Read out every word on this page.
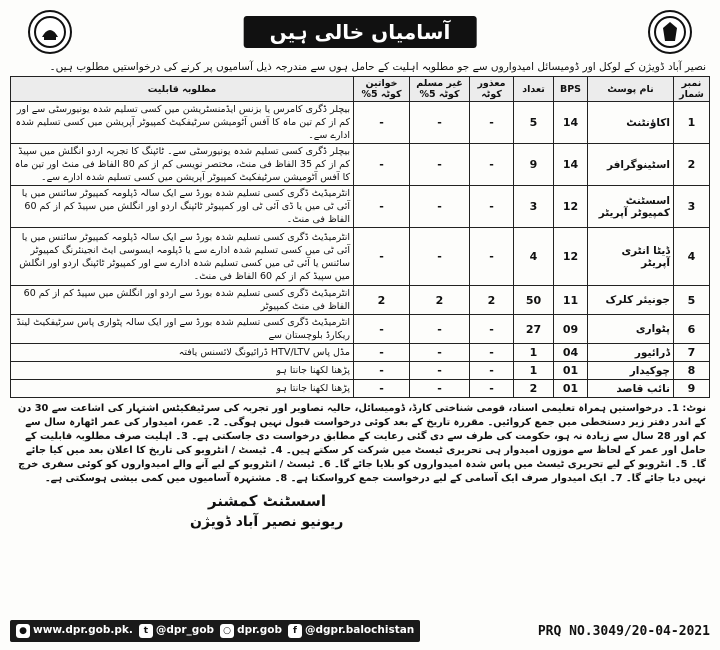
آسامیاں خالی ہیں
نصیر آباد ڈویژن کے لوکل اور ڈومیسائل امیدواروں سے جو مطلوبہ اہلیت کے حامل ہوں سے مندرجہ ذیل آسامیوں پر کرنے کی درخواستیں مطلوب ہیں۔
نمبر شمار	نام پوسٹ	BPS	تعداد	معذور کوٹہ	غیر مسلم کوٹہ 5%	خواتین کوٹہ 5%	مطلوبہ قابلیت
1	اکاؤنٹنٹ	14	5	-	-	-	بیچلر ڈگری کامرس یا بزنس ایڈمنسٹریشن میں کسی تسلیم شدہ یونیورسٹی سے اور کم از کم تین ماہ کا آفس آٹومیشن سرٹیفکیٹ کمپیوٹر آپریشن میں کسی تسلیم شدہ ادارے سے۔
2	اسٹینوگرافر	14	9	-	-	-	بیچلر ڈگری کسی تسلیم شدہ یونیورسٹی سے۔ ٹائپنگ کا تجربہ اردو انگلش میں سپیڈ کم از کم 35 الفاظ فی منٹ، مختصر نویسی کم از کم 80 الفاظ فی منٹ اور تین ماہ کا آفس آٹومیشن سرٹیفکیٹ کمپیوٹر آپریشن میں کسی تسلیم شدہ ادارے سے۔
3	اسسٹنٹ کمپیوٹر آپریٹر	12	3	-	-	-	انٹرمیڈیٹ ڈگری کسی تسلیم شدہ بورڈ سے ایک سالہ ڈپلومہ کمپیوٹر سائنس میں یا آئی ٹی میں یا ڈی آئی ٹی اور کمپیوٹر ٹائپنگ اردو اور انگلش میں سپیڈ کم از کم 60 الفاظ فی منٹ۔
4	ڈیٹا انٹری آپریٹر	12	4	-	-	-	انٹرمیڈیٹ ڈگری کسی تسلیم شدہ بورڈ سے ایک سالہ ڈپلومہ کمپیوٹر سائنس میں یا آئی ٹی میں کسی تسلیم شدہ ادارے سے یا ڈپلومہ ایسوسی ایٹ انجینئرنگ کمپیوٹر سائنس یا آئی ٹی میں کسی تسلیم شدہ ادارے سے اور کمپیوٹر ٹائپنگ اردو اور انگلش میں سپیڈ کم از کم 60 الفاظ فی منٹ۔
5	جونیئر کلرک	11	50	2	2	2	انٹرمیڈیٹ ڈگری کسی تسلیم شدہ بورڈ سے اردو اور انگلش میں سپیڈ کم از کم 60 الفاظ فی منٹ کمپیوٹر
6	پٹواری	09	27	-	-	-	انٹرمیڈیٹ ڈگری کسی تسلیم شدہ بورڈ سے اور ایک سالہ پٹواری پاس سرٹیفکیٹ لینڈ ریکارڈ بلوچستان سے
7	ڈرائیور	04	1	-	-	-	مڈل پاس HTV/LTV ڈرائیونگ لائسنس یافتہ
8	چوکیدار	01	1	-	-	-	پڑھنا لکھنا جانتا ہو
9	نائب قاصد	01	2	-	-	-	پڑھنا لکھنا جانتا ہو
نوٹ: 1۔ درخواستیں ہمراہ تعلیمی اسناد، قومی شناختی کارڈ، ڈومیسائل، حالیہ تصاویر اور تجربہ کی سرٹیفکیٹس اشتہار کی اشاعت سے 30 دن کے اندر دفتر زیر دستخطی میں جمع کروائیں۔ مقررہ تاریخ کے بعد کوئی درخواست قبول نہیں ہوگی۔ 2۔ عمر، امیدوار کی عمر اٹھارہ سال سے کم اور 28 سال سے زیادہ نہ ہو، حکومت کی طرف سے دی گئی رعایت کے مطابق درخواست دی جاسکتی ہے۔ 3۔ اہلیت صرف مطلوبہ قابلیت کے حامل اور عمر کے لحاظ سے موزوں امیدوار ہی تحریری ٹیسٹ میں شرکت کر سکتے ہیں۔ 4۔ ٹیسٹ / انٹرویو کی تاریخ کا اعلان بعد میں کیا جائے گا۔ 5۔ انٹرویو کے لیے تحریری ٹیسٹ میں پاس شدہ امیدواروں کو بلایا جائے گا۔ 6۔ ٹیسٹ / انٹرویو کے لیے آنے والے امیدواروں کو کوئی سفری خرچ نہیں دیا جائے گا۔ 7۔ ایک امیدوار صرف ایک آسامی کے لیے درخواست جمع کرواسکتا ہے۔ 8۔ مشتہرہ آسامیوں میں کمی بیشی ہوسکتی ہے۔
اسسٹنٹ کمشنر
ریونیو نصیر آباد ڈویژن
● www.dpr.gob.pk.	t @dpr_gob	○ dpr.gob	f @dgpr.balochistan	PRQ NO.3049/20-04-2021
